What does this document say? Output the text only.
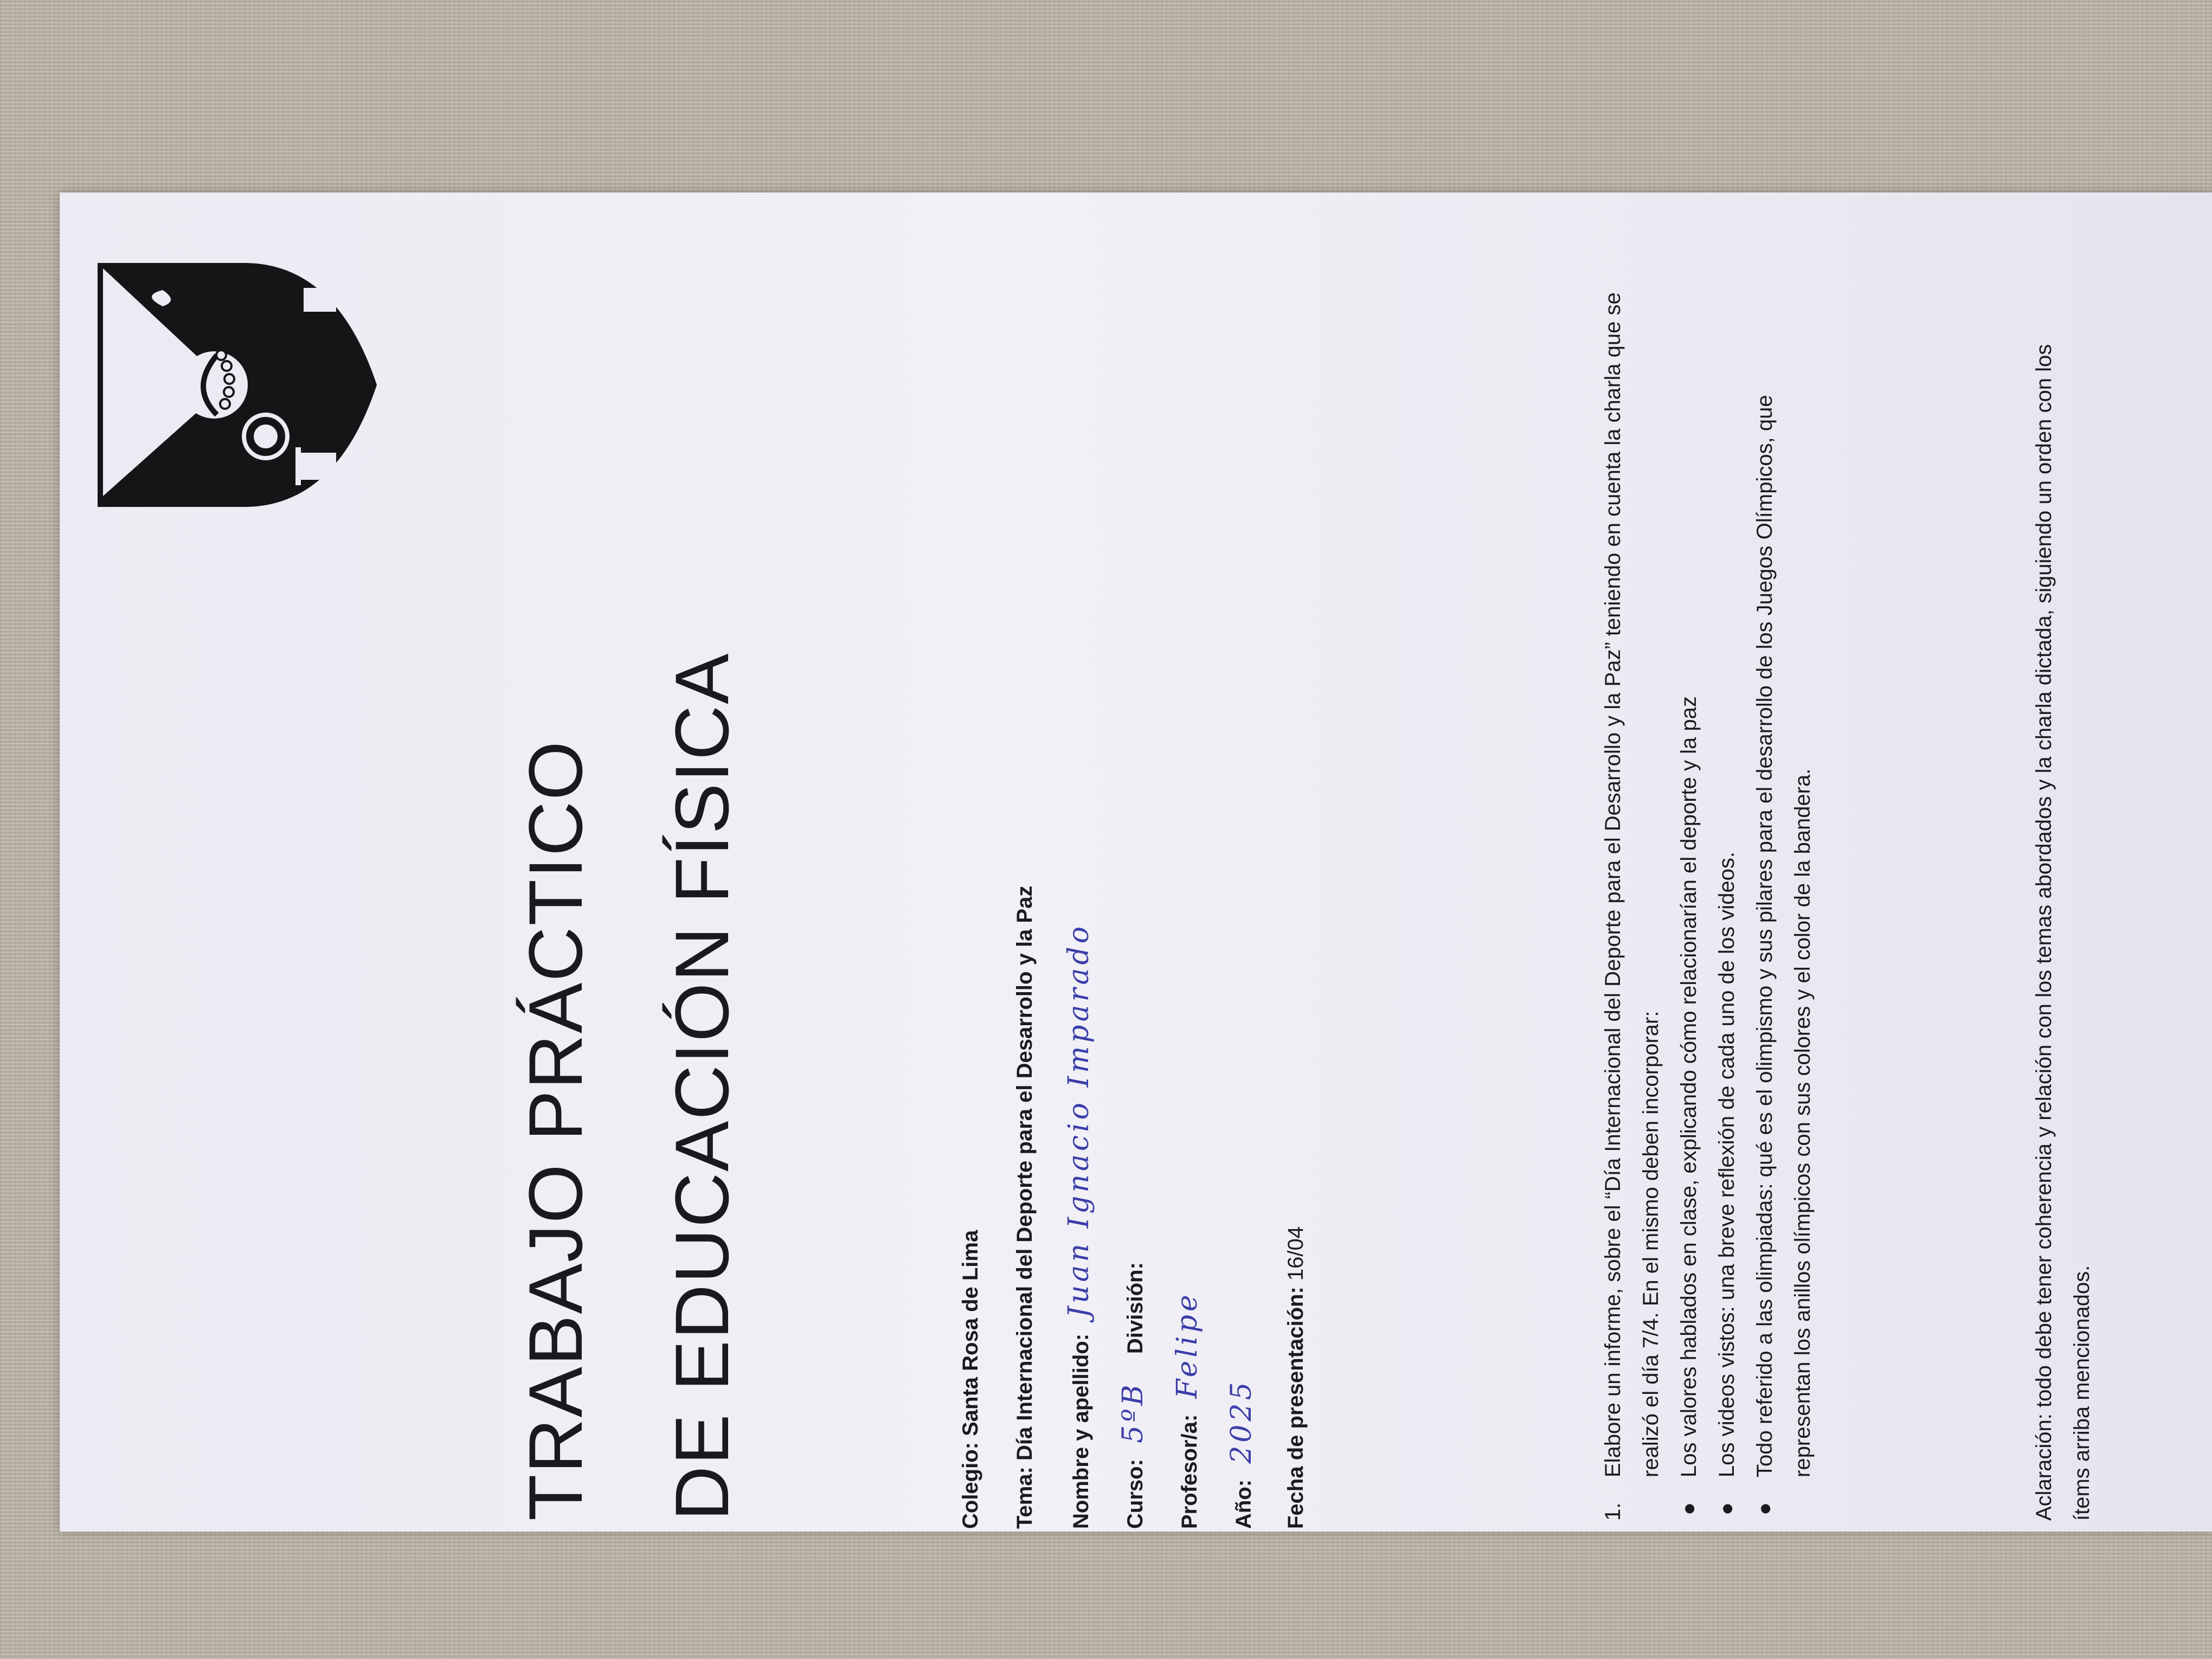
TRABAJO PRÁCTICO DE EDUCACIÓN FÍSICA	Colegio: Santa Rosa de Lima
Tema: Día Internacional del Deporte para el Desarrollo y la Paz	Nombre y apellido: Juan Ignacio Imparado
Curso: 5ºB División:
Profesor/a: Felipe
Año: 2025	Fecha de presentación: 16/04
1.
Elabore un informe, sobre el “Día Internacional del Deporte para el Desarrollo y la Paz” teniendo en cuenta la charla que se realizó el día 7/4. En el mismo deben incorporar:
●
Los valores hablados en clase, explicando cómo relacionarían el deporte y la paz
●
Los videos vistos: una breve reflexión de cada uno de los videos.
●
Todo referido a las olimpiadas: qué es el olimpismo y sus pilares para el desarrollo de los Juegos Olímpicos, que representan los anillos olímpicos con sus colores y el color de la bandera.	Aclaración: todo debe tener coherencia y relación con los temas abordados y la charla dictada, siguiendo un orden con los ítems arriba mencionados.
